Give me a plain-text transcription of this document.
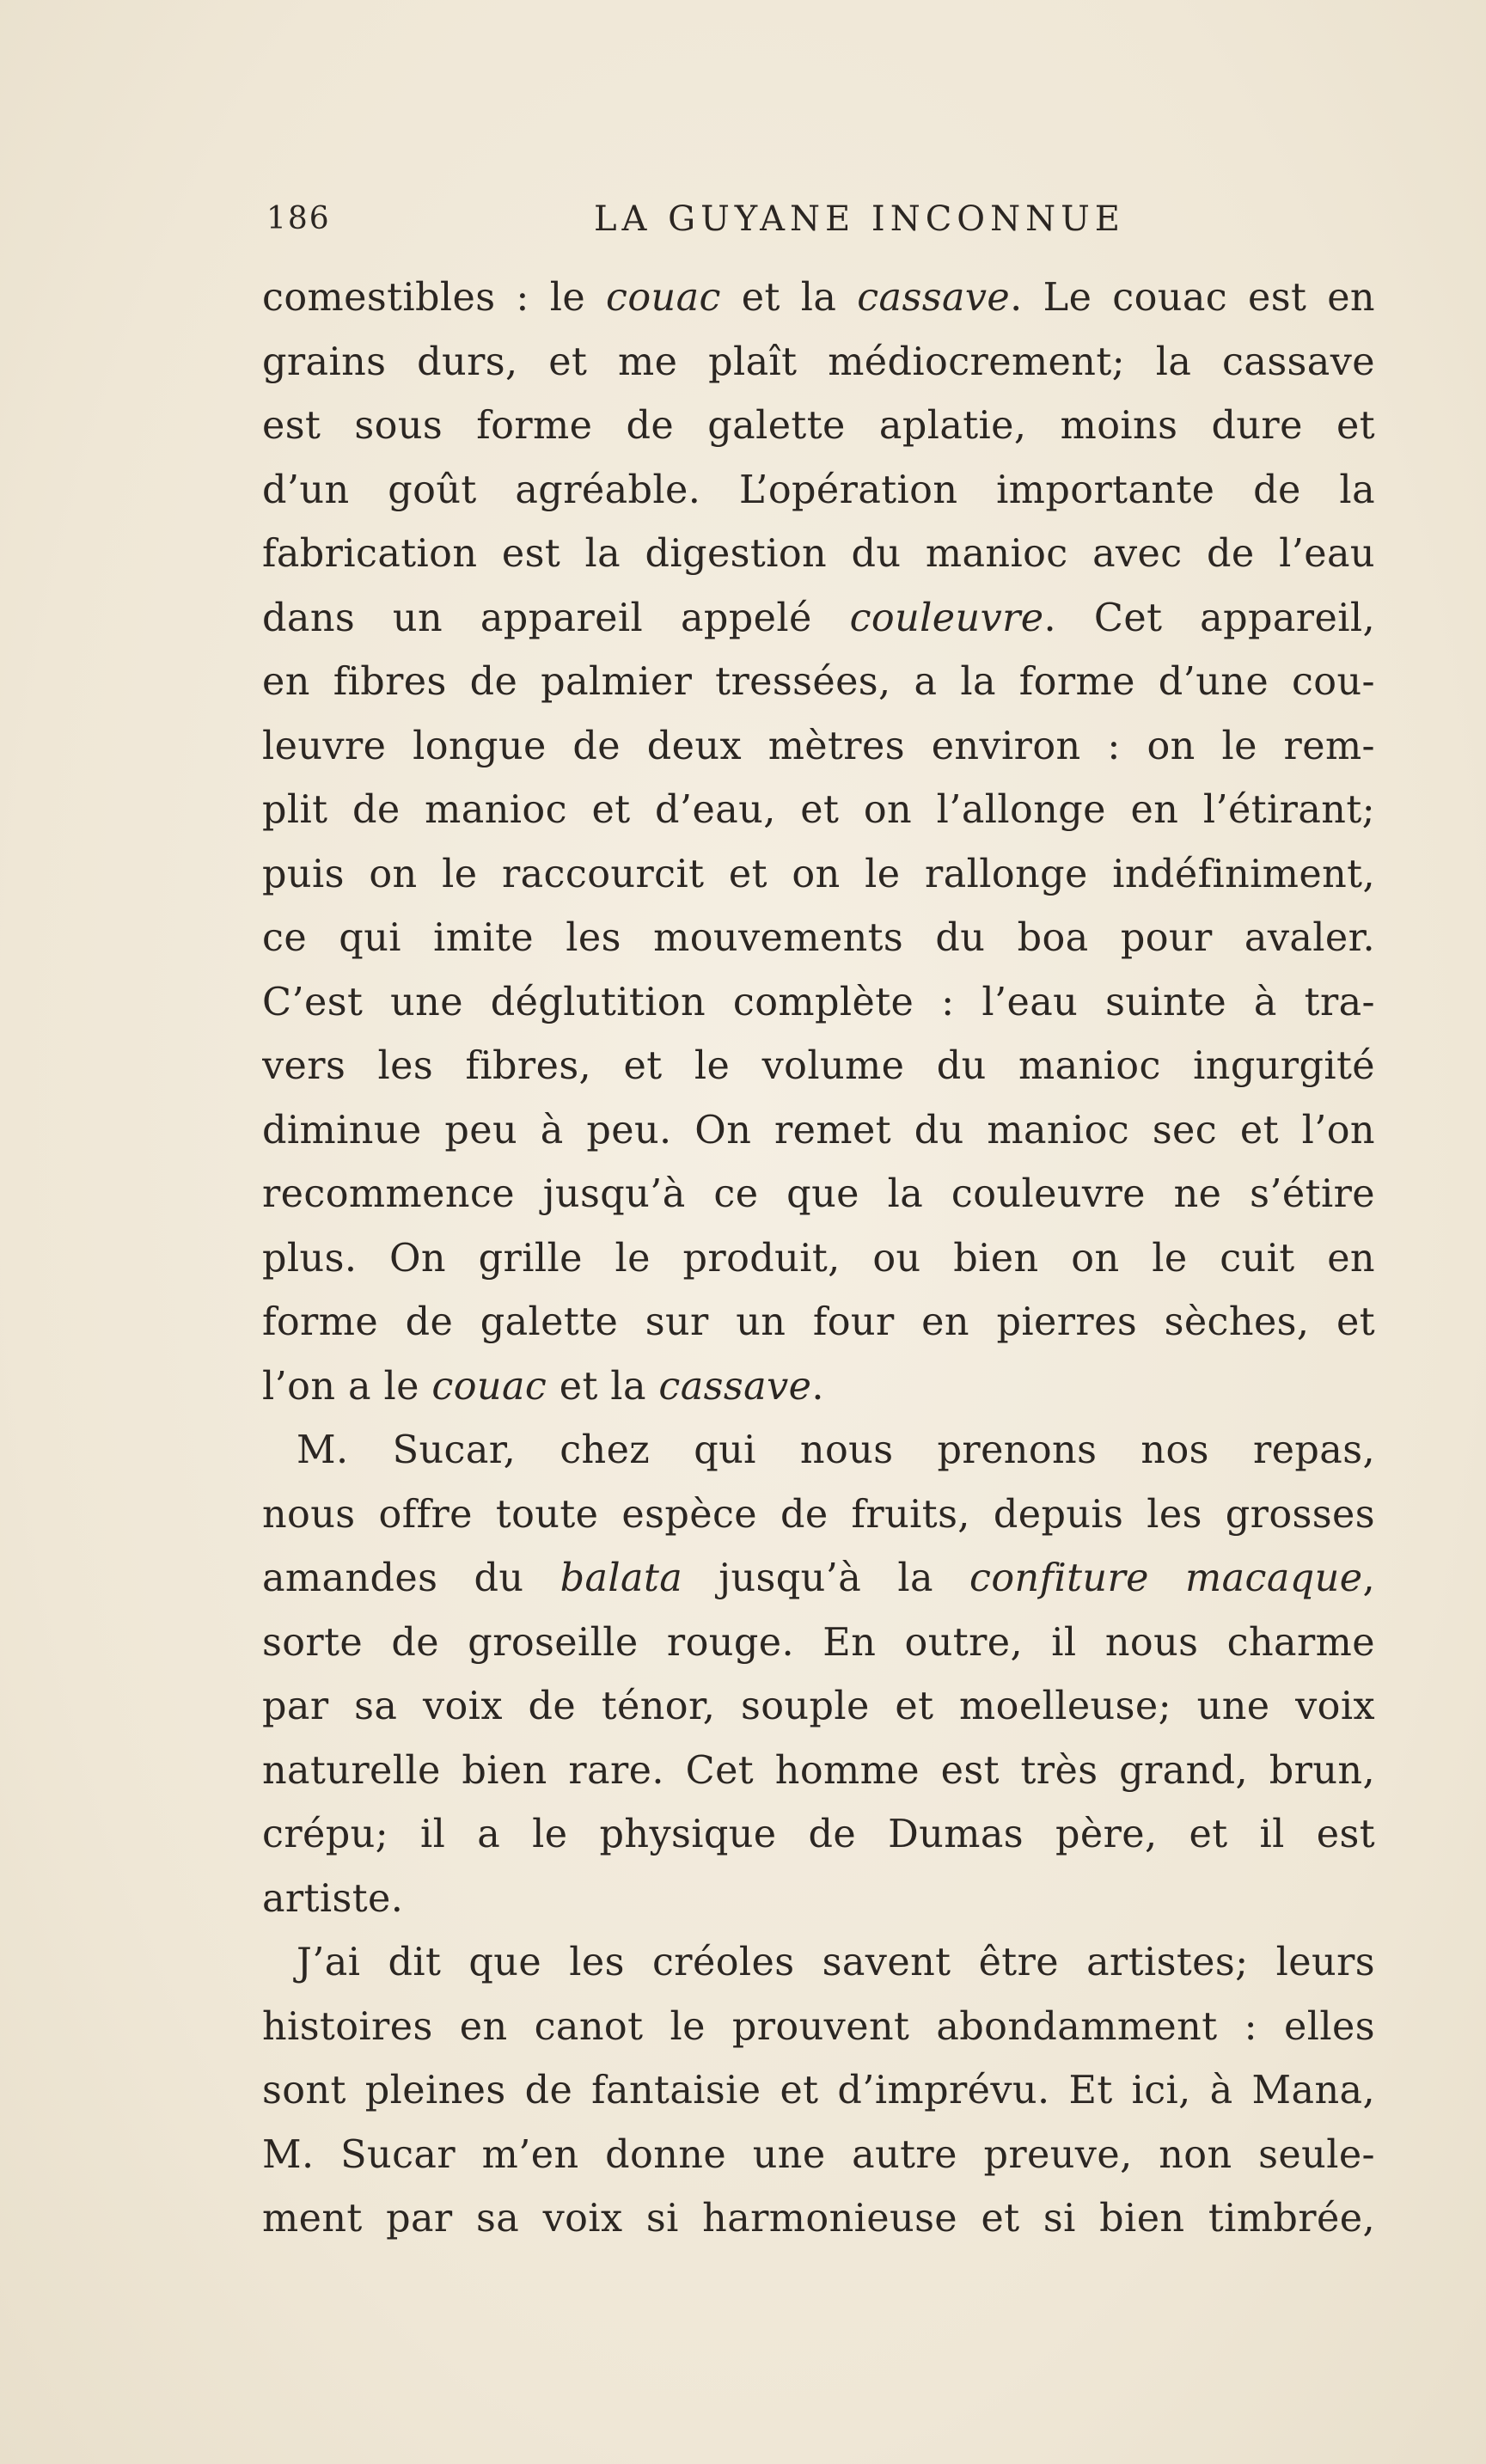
186	LA GUYANE INCONNUE
comestibles : le couac et la cassave. Le couac est en
grains durs, et me plaît médiocrement; la cassave
est sous forme de galette aplatie, moins dure et
d’un goût agréable. L’opération importante de la
fabrication est la digestion du manioc avec de l’eau
dans un appareil appelé couleuvre. Cet appareil,
en fibres de palmier tressées, a la forme d’une cou-
leuvre longue de deux mètres environ : on le rem-
plit de manioc et d’eau, et on l’allonge en l’étirant;
puis on le raccourcit et on le rallonge indéfiniment,
ce qui imite les mouvements du boa pour avaler.
C’est une déglutition complète : l’eau suinte à tra-
vers les fibres, et le volume du manioc ingurgité
diminue peu à peu. On remet du manioc sec et l’on
recommence jusqu’à ce que la couleuvre ne s’étire
plus. On grille le produit, ou bien on le cuit en
forme de galette sur un four en pierres sèches, et
l’on a le couac et la cassave.
M. Sucar, chez qui nous prenons nos repas,
nous offre toute espèce de fruits, depuis les grosses
amandes du balata jusqu’à la confiture macaque,
sorte de groseille rouge. En outre, il nous charme
par sa voix de ténor, souple et moelleuse; une voix
naturelle bien rare. Cet homme est très grand, brun,
crépu; il a le physique de Dumas père, et il est
artiste.
J’ai dit que les créoles savent être artistes; leurs
histoires en canot le prouvent abondamment : elles
sont pleines de fantaisie et d’imprévu. Et ici, à Mana,
M. Sucar m’en donne une autre preuve, non seule-
ment par sa voix si harmonieuse et si bien timbrée,
